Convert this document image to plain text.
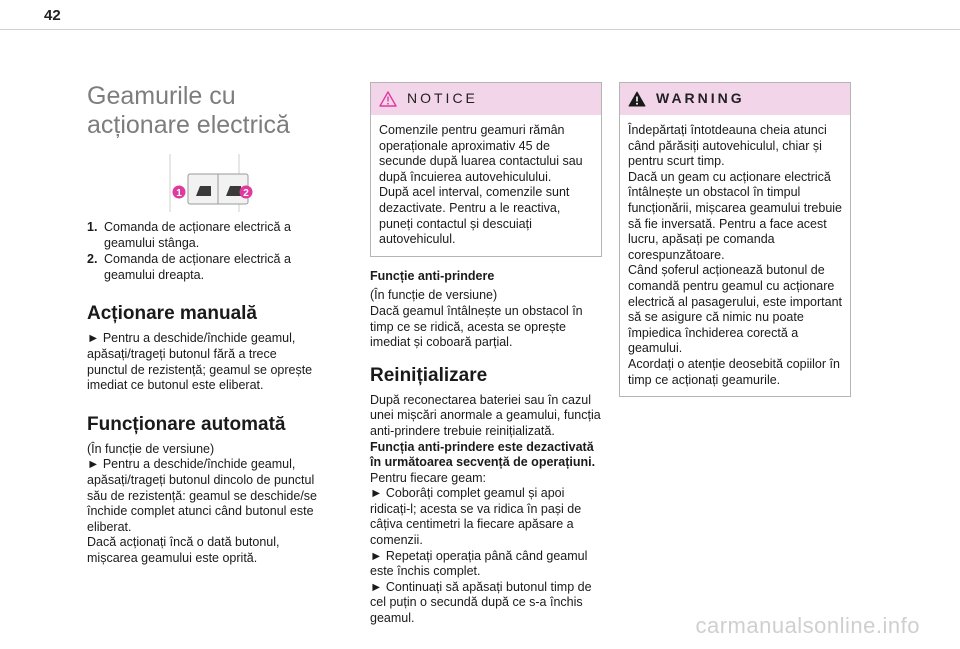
42
Geamurile cu acționare electrică
1	2
1. Comanda de acționare electrică a geamului stânga.
2. Comanda de acționare electrică a geamului dreapta.
Acționare manuală

► Pentru a deschide/închide geamul, apăsați/trageți butonul fără a trece punctul de rezistență; geamul se oprește imediat ce butonul este eliberat.

Funcționare automată

(În funcție de versiune)

► Pentru a deschide/închide geamul, apăsați/trageți butonul dincolo de punctul său de rezistență: geamul se deschide/se închide complet atunci când butonul este eliberat.

Dacă acționați încă o dată butonul, mișcarea geamului este oprită.

NOTICE

Comenzile pentru geamuri rămân operaționale aproximativ 45 de secunde după luarea contactului sau după încuierea autovehiculului.

După acel interval, comenzile sunt dezactivate. Pentru a le reactiva, puneți contactul și descuiați autovehiculul.

Funcție anti-prindere

(În funcție de versiune)

Dacă geamul întâlnește un obstacol în timp ce se ridică, acesta se oprește imediat și coboară parțial.

Reinițializare

După reconectarea bateriei sau în cazul unei mișcări anormale a geamului, funcția anti-prindere trebuie reinițializată.

Funcția anti-prindere este dezactivată în următoarea secvență de operațiuni.

Pentru fiecare geam:

► Coborâți complet geamul și apoi ridicați-l; acesta se va ridica în pași de câțiva centimetri la fiecare apăsare a comenzii.

► Repetați operația până când geamul este închis complet.

► Continuați să apăsați butonul timp de cel puțin o secundă după ce s-a închis geamul.

WARNING

Îndepărtați întotdeauna cheia atunci când părăsiți autovehiculul, chiar și pentru scurt timp.

Dacă un geam cu acționare electrică întâlnește un obstacol în timpul funcționării, mișcarea geamului trebuie să fie inversată. Pentru a face acest lucru, apăsați pe comanda corespunzătoare.

Când șoferul acționează butonul de comandă pentru geamul cu acționare electrică al pasagerului, este important să se asigure că nimic nu poate împiedica închiderea corectă a geamului.

Acordați o atenție deosebită copiilor în timp ce acționați geamurile.

carmanualsonline.info
